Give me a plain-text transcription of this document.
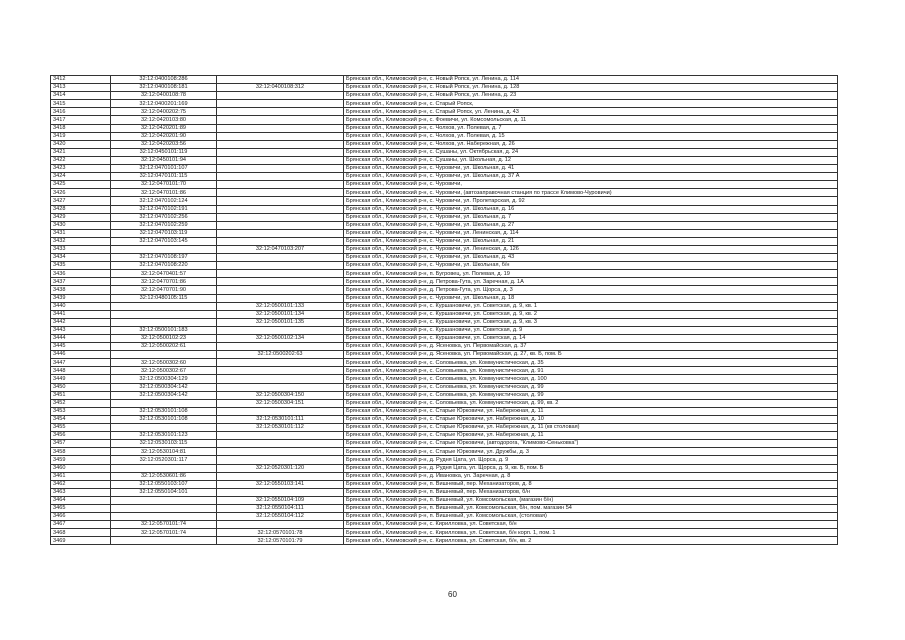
3412	32:12:0400108:286		Брянская обл., Климовский р-н, с. Новый Ропск, ул. Ленина, д. 114
3413	32:12:0400108:181	32:12:0400108:312	Брянская обл., Климовский р-н, с. Новый Ропск, ул. Ленина, д. 128
3414	32:12:0400108:78		Брянская обл., Климовский р-н, с. Новый Ропск, ул. Ленина, д. 23
3415	32:12:0400201:169		Брянская обл., Климовский р-н, с. Старый Ропск,
3416	32:12:0400202:75		Брянская обл., Климовский р-н, с. Старый Ропск, ул. Ленина, д. 43
3417	32:12:0420103:80		Брянская обл., Климовский р-н, с. Фоевичи, ул. Комсомольская, д. 11
3418	32:12:0420201:89		Брянская обл., Климовский р-н, с. Чолхов, ул. Полевая, д. 7
3419	32:12:0420201:90		Брянская обл., Климовский р-н, с. Чолхов, ул. Полевая, д. 15
3420	32:12:0420203:56		Брянская обл., Климовский р-н, с. Чолхов, ул. Набережная, д. 26
3421	32:12:0450101:119		Брянская обл., Климовский р-н, с. Сушаны, ул. Октябрьская, д. 24
3422	32:12:0450101:94		Брянская обл., Климовский р-н, с. Сушаны, ул. Школьная, д. 12
3423	32:12:0470101:107		Брянская обл., Климовский р-н, с. Чуровичи, ул. Школьная, д. 41
3424	32:12:0470101:115		Брянская обл., Климовский р-н, с. Чуровичи, ул. Школьная, д. 37 А
3425	32:12:0470101:70		Брянская обл., Климовский р-н, с. Чуровичи,
3426	32:12:0470101:86		Брянская обл., Климовский р-н, с. Чуровичи, (автозаправочная станция по трассе Климово-Чуровичи)
3427	32:12:0470102:124		Брянская обл., Климовский р-н, с. Чуровичи, ул. Пролетарская, д. 92
3428	32:12:0470102:191		Брянская обл., Климовский р-н, с. Чуровичи, ул. Школьная, д. 16
3429	32:12:0470102:256		Брянская обл., Климовский р-н, с. Чуровичи, ул. Школьная, д. 7
3430	32:12:0470102:259		Брянская обл., Климовский р-н, с. Чуровичи, ул. Школьная, д. 27
3431	32:12:0470103:119		Брянская обл., Климовский р-н, с. Чуровичи, ул. Ленинская, д. 114
3432	32:12:0470103:145		Брянская обл., Климовский р-н, с. Чуровичи, ул. Школьная, д. 21
3433		32:12:0470103:207	Брянская обл., Климовский р-н, с. Чуровичи, ул. Ленинская, д. 126
3434	32:12:0470108:197		Брянская обл., Климовский р-н, с. Чуровичи, ул. Школьная, д. 43
3435	32:12:0470108:220		Брянская обл., Климовский р-н, с. Чуровичи, ул. Школьная, б/н
3436	32:12:0470401:57		Брянская обл., Климовский р-н, п. Бугровец, ул. Полевая, д. 19
3437	32:12:0470701:86		Брянская обл., Климовский р-н, д. Петрова-Гута, ул. Заречная, д. 1А
3438	32:12:0470701:90		Брянская обл., Климовский р-н, д. Петрова-Гута, ул. Щорса, д. 3
3439	32:12:0480105:115		Брянская обл., Климовский р-н, с. Чуровичи, ул. Школьная, д. 18
3440		32:12:0500101:133	Брянская обл., Климовский р-н, с. Куршановичи, ул. Советская, д. 9, кв. 1
3441		32:12:0500101:134	Брянская обл., Климовский р-н, с. Куршановичи, ул. Советская, д. 9, кв. 2
3442		32:12:0500101:135	Брянская обл., Климовский р-н, с. Куршановичи, ул. Советская, д. 9, кв. 3
3443	32:12:0500101:183		Брянская обл., Климовский р-н, с. Куршановичи, ул. Советская, д. 9
3444	32:12:0500102:23	32:12:0500102:134	Брянская обл., Климовский р-н, с. Куршановичи, ул. Советская, д. 14
3445	32:12:0500202:61		Брянская обл., Климовский р-н, д. Ясеновка, ул. Первомайская, д. 37
3446		32:12:0500202:63	Брянская обл., Климовский р-н, д. Ясеновка, ул. Первомайская, д. 27, кв. Б, пом. Б
3447	32:12:0500302:60		Брянская обл., Климовский р-н, с. Соловьевка, ул. Коммунистическая, д. 35
3448	32:12:0500302:67		Брянская обл., Климовский р-н, с. Соловьевка, ул. Коммунистическая, д. 91
3449	32:12:0500304:129		Брянская обл., Климовский р-н, с. Соловьевка, ул. Коммунистическая, д. 100
3450	32:12:0500304:142		Брянская обл., Климовский р-н, с. Соловьевка, ул. Коммунистическая, д. 99
3451	32:12:0500304:142	32:12:0500304:150	Брянская обл., Климовский р-н, с. Соловьевка, ул. Коммунистическая, д. 99
3452		32:12:0500304:151	Брянская обл., Климовский р-н, с. Соловьевка, ул. Коммунистическая, д. 99, кв. 2
3453	32:12:0530101:108		Брянская обл., Климовский р-н, с. Старые Юрковичи, ул. Набережная, д. 11
3454	32:12:0530101:108	32:12:0530101:111	Брянская обл., Климовский р-н, с. Старые Юрковичи, ул. Набережная, д. 10
3455		32:12:0530101:112	Брянская обл., Климовский р-н, с. Старые Юрковичи, ул. Набережная, д. 11 (кв столовая)
3456	32:12:0530101:123		Брянская обл., Климовский р-н, с. Старые Юрковичи, ул. Набережная, д. 11
3457	32:12:0530103:115		Брянская обл., Климовский р-н, с. Старые Юрковичи, (автодорога, "Климово-Сеньковка")
3458	32:12:0530104:81		Брянская обл., Климовский р-н, с. Старые Юрковичи, ул. Дружбы, д. 3
3459	32:12:0520301:117		Брянская обл., Климовский р-н, д. Рудня Цата, ул. Щорса, д. 9
3460		32:12:0520301:120	Брянская обл., Климовский р-н, д. Рудня Цата, ул. Щорса, д. 9, кв. Б, пом. Б
3461	32:12:0530601:86		Брянская обл., Климовский р-н, д. Ивановка, ул. Заречная, д. 8
3462	32:12:0550103:107	32:12:0550103:141	Брянская обл., Климовский р-н, п. Вишневый, пер. Механизаторов, д. 8
3463	32:12:0550104:101		Брянская обл., Климовский р-н, п. Вишневый, пер. Механизаторов, б/н
3464		32:12:0550104:109	Брянская обл., Климовский р-н, п. Вишневый, ул. Комсомольская, (магазин б/н)
3465		32:12:0550104:111	Брянская обл., Климовский р-н, п. Вишневый, ул. Комсомольская, б/н, пом. магазин 54
3466		32:12:0550104:112	Брянская обл., Климовский р-н, п. Вишневый, ул. Комсомольская, (столовая)
3467	32:12:0570101:74		Брянская обл., Климовский р-н, с. Кирилловка, ул. Советская, б/н
3468	32:12:0570101:74	32:12:0570101:78	Брянская обл., Климовский р-н, с. Кирилловка, ул. Советская, б/н корп. 1, пом. 1
3469		32:12:0570101:79	Брянская обл., Климовский р-н, с. Кирилловка, ул. Советская, б/н, кв. 2
60
